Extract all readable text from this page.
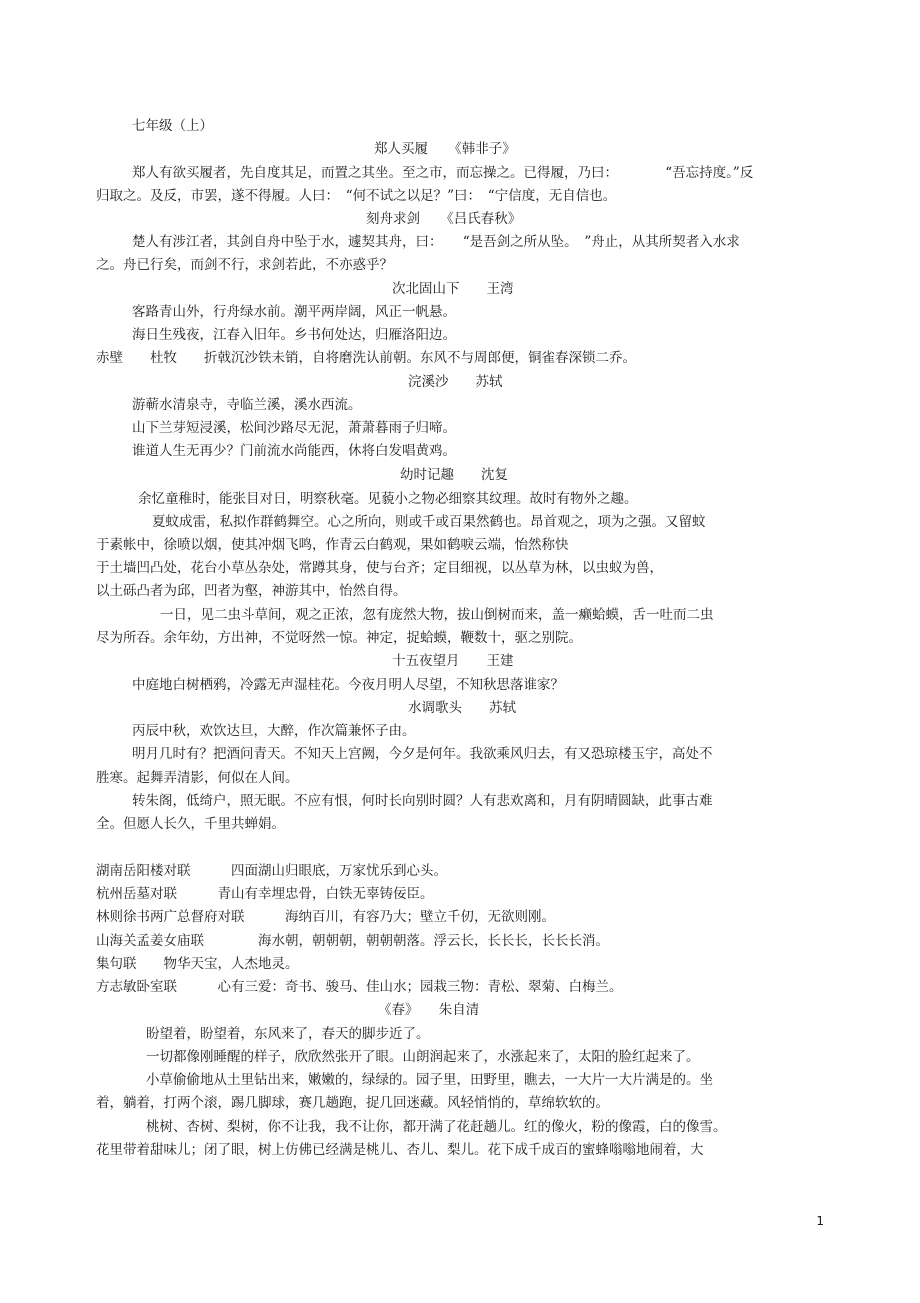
七年级（上）
郑人买履　　《韩非子》
郑人有欲买履者，先自度其足，而置之其坐。至之市，而忘操之。已得履，乃曰：　　　　“吾忘持度。”反
归取之。及反，市罢，遂不得履。人曰：　“何不试之以足？”曰：　“宁信度，无自信也。
刻舟求剑　　《吕氏春秋》
楚人有涉江者，其剑自舟中坠于水，遽契其舟，曰：　　“是吾剑之所从坠。　”舟止，从其所契者入水求
之。舟已行矣，而剑不行，求剑若此，不亦惑乎？
次北固山下　　王湾
客路青山外，行舟绿水前。潮平两岸阔，风正一帆悬。
海日生残夜，江春入旧年。乡书何处达，归雁洛阳边。
赤壁　　杜牧　　折戟沉沙铁未销，自将磨洗认前朝。东风不与周郎便，铜雀春深锁二乔。
浣溪沙　　苏轼
游蕲水清泉寺，寺临兰溪，溪水西流。
山下兰芽短浸溪，松间沙路尽无泥，萧萧暮雨子归啼。
谁道人生无再少？门前流水尚能西，休将白发唱黄鸡。
幼时记趣　　沈复
余忆童稚时，能张目对日，明察秋毫。见藐小之物必细察其纹理。故时有物外之趣。
夏蚊成雷，私拟作群鹤舞空。心之所向，则或千或百果然鹤也。昂首观之，项为之强。又留蚊
于素帐中，徐喷以烟，使其冲烟飞鸣，作青云白鹤观，果如鹤唳云端，怡然称快
于土墙凹凸处，花台小草丛杂处，常蹲其身，使与台齐；定目细视，以丛草为林，以虫蚁为兽，
以土砾凸者为邱，凹者为壑，神游其中，怡然自得。
一日，见二虫斗草间，观之正浓，忽有庞然大物，拔山倒树而来，盖一癞蛤蟆，舌一吐而二虫
尽为所吞。余年幼，方出神，不觉呀然一惊。神定，捉蛤蟆，鞭数十，驱之别院。
十五夜望月　　王建
中庭地白树栖鸦，冷露无声湿桂花。今夜月明人尽望，不知秋思落谁家？
水调歌头　　苏轼
丙辰中秋，欢饮达旦，大醉，作次篇兼怀子由。
明月几时有？把酒问青天。不知天上宫阙，今夕是何年。我欲乘风归去，有又恐琼楼玉宇，高处不
胜寒。起舞弄清影，何似在人间。
转朱阁，低绮户，照无眠。不应有恨，何时长向别时圆？人有悲欢离和，月有阴晴圆缺，此事古难
全。但愿人长久，千里共蝉娟。
湖南岳阳楼对联　　　四面湖山归眼底，万家忧乐到心头。
杭州岳墓对联　　　青山有幸埋忠骨，白铁无辜铸佞臣。
林则徐书两广总督府对联　　　海纳百川，有容乃大；壁立千仞，无欲则刚。
山海关孟姜女庙联　　　　海水朝，朝朝朝，朝朝朝落。浮云长，长长长，长长长消。
集句联　　物华天宝，人杰地灵。
方志敏卧室联　　　心有三爱：奇书、骏马、佳山水；园栽三物：青松、翠菊、白梅兰。
《春》　　朱自清
盼望着，盼望着，东风来了，春天的脚步近了。
一切都像刚睡醒的样子，欣欣然张开了眼。山朗润起来了，水涨起来了，太阳的脸红起来了。
小草偷偷地从土里钻出来，嫩嫩的，绿绿的。园子里，田野里，瞧去，一大片一大片满是的。坐
着，躺着，打两个滚，踢几脚球，赛几趟跑，捉几回迷藏。风轻悄悄的，草绵软软的。
桃树、杏树、梨树，你不让我，我不让你，都开满了花赶趟儿。红的像火，粉的像霞，白的像雪。
花里带着甜味儿；闭了眼，树上仿佛已经满是桃儿、杏儿、梨儿。花下成千成百的蜜蜂嗡嗡地闹着，大
1
